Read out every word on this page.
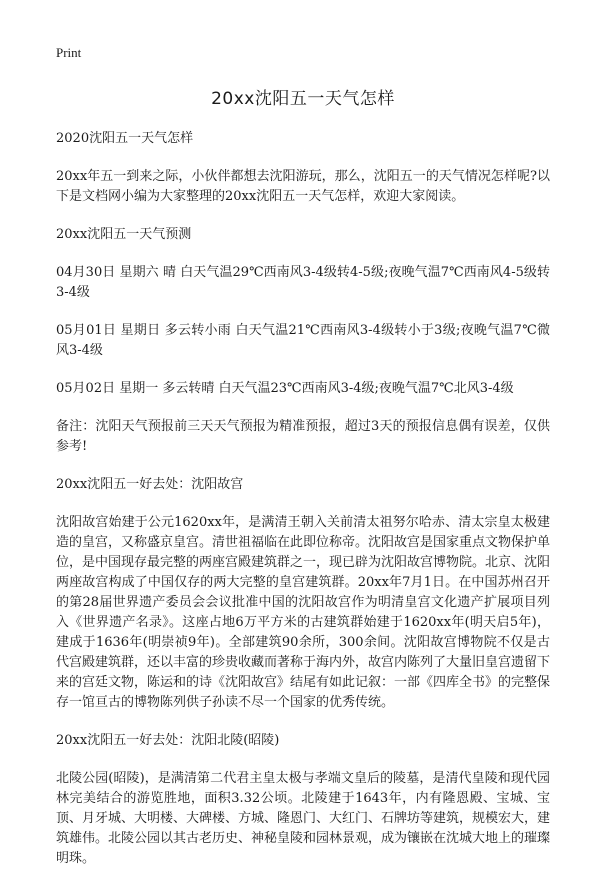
Print
20xx沈阳五一天气怎样

2020沈阳五一天气怎样

20xx年五一到来之际，小伙伴都想去沈阳游玩，那么，沈阳五一的天气情况怎样呢?以下是文档网小编为大家整理的20xx沈阳五一天气怎样，欢迎大家阅读。

20xx沈阳五一天气预测

04月30日 星期六 晴 白天气温29℃西南风3-4级转4-5级;夜晚气温7℃西南风4-5级转3-4级

05月01日 星期日 多云转小雨 白天气温21℃西南风3-4级转小于3级;夜晚气温7℃微风3-4级

05月02日 星期一 多云转晴 白天气温23℃西南风3-4级;夜晚气温7℃北风3-4级

备注：沈阳天气预报前三天天气预报为精准预报，超过3天的预报信息偶有误差，仅供参考!

20xx沈阳五一好去处：沈阳故宫

沈阳故宫始建于公元1620xx年，是满清王朝入关前清太祖努尔哈赤、清太宗皇太极建造的皇宫，又称盛京皇宫。清世祖福临在此即位称帝。沈阳故宫是国家重点文物保护单位，是中国现存最完整的两座宫殿建筑群之一，现已辟为沈阳故宫博物院。北京、沈阳两座故宫构成了中国仅存的两大完整的皇宫建筑群。20xx年7月1日。在中国苏州召开的第28届世界遗产委员会会议批准中国的沈阳故宫作为明清皇宫文化遗产扩展项目列入《世界遗产名录》。这座占地6万平方米的古建筑群始建于1620xx年(明天启5年)，建成于1636年(明崇祯9年)。全部建筑90余所，300余间。沈阳故宫博物院不仅是古代宫殿建筑群，还以丰富的珍贵收藏而著称于海内外，故宫内陈列了大量旧皇宫遗留下来的宫廷文物，陈运和的诗《沈阳故宫》结尾有如此记叙：一部《四库全书》的完整保存一馆亘古的博物陈列供子孙读不尽一个国家的优秀传统。

20xx沈阳五一好去处：沈阳北陵(昭陵)

北陵公园(昭陵)，是满清第二代君主皇太极与孝端文皇后的陵墓，是清代皇陵和现代园林完美结合的游览胜地，面积3.32公顷。北陵建于1643年，内有隆恩殿、宝城、宝顶、月牙城、大明楼、大碑楼、方城、隆恩门、大红门、石牌坊等建筑，规模宏大，建筑雄伟。北陵公园以其古老历史、神秘皇陵和园林景观，成为镶嵌在沈城大地上的璀璨明珠。
